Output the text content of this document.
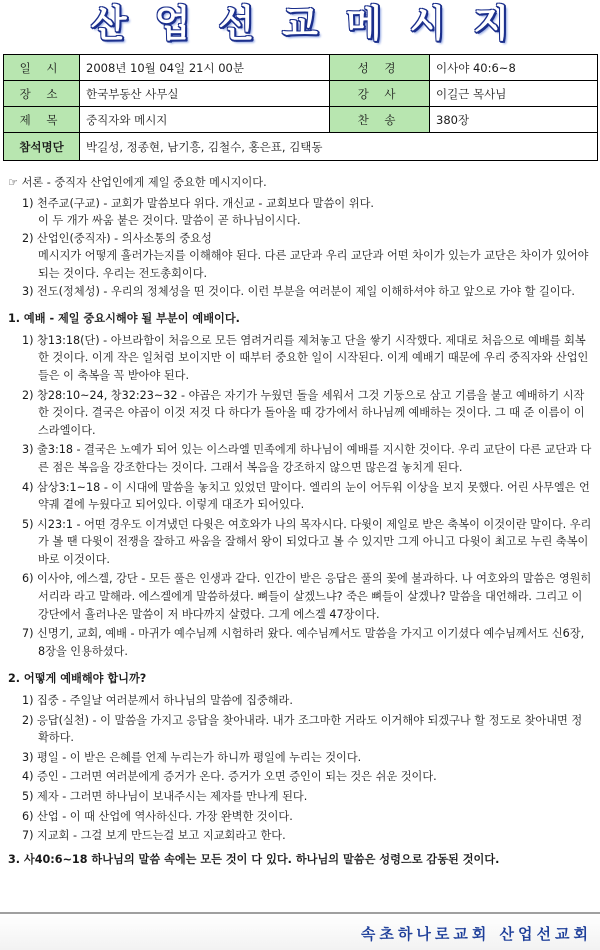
산 업 선 교 메 시 지
일 시	2008년 10월 04일 21시 00분	성 경	이사야 40:6~8
장 소	한국부동산 사무실	강 사	이길근 목사님
제 목	중직자와 메시지	찬 송	380장
참석명단	박길성, 정종현, 남기흥, 김철수, 홍은표, 김택동		

☞ 서론 - 중직자 산업인에게 제일 중요한 메시지이다.

1) 천주교(구교) - 교회가 말씀보다 위다. 개신교 - 교회보다 말씀이 위다.

이 두 개가 싸움 붙은 것이다. 말씀이 곧 하나님이시다.

2) 산업인(중직자) - 의사소통의 중요성

메시지가 어떻게 흘러가는지를 이해해야 된다. 다른 교단과 우리 교단과 어떤 차이가 있는가 교단은 차이가 있어야 되는 것이다. 우리는 전도총회이다.

3) 전도(정체성) - 우리의 정체성을 띤 것이다. 이런 부분을 여러분이 제일 이해하셔야 하고 앞으로 가야 할 길이다.

1. 예배 - 제일 중요시해야 될 부분이 예배이다.

1) 창13:18(단) - 아브라함이 처음으로 모든 염려거리를 제쳐놓고 단을 쌓기 시작했다. 제대로 처음으로 예배를 회복한 것이다. 이게 작은 일처럼 보이지만 이 때부터 중요한 일이 시작된다. 이게 예배기 때문에 우리 중직자와 산업인들은 이 축복을 꼭 받아야 된다.

2) 창28:10~24, 창32:23~32 - 야곱은 자기가 누웠던 돌을 세워서 그것 기둥으로 삼고 기름을 붙고 예배하기 시작한 것이다. 결국은 야곱이 이것 저것 다 하다가 돌아올 때 강가에서 하나님께 예배하는 것이다. 그 때 준 이름이 이스라엘이다.

3) 출3:18 - 결국은 노예가 되어 있는 이스라엘 민족에게 하나님이 예배를 지시한 것이다. 우리 교단이 다른 교단과 다른 점은 복음을 강조한다는 것이다. 그래서 복음을 강조하지 않으면 많은걸 놓치게 된다.

4) 삼상3:1~18 - 이 시대에 말씀을 놓치고 있었던 말이다. 엘리의 눈이 어두워 이상을 보지 못했다. 어린 사무엘은 언약궤 곁에 누웠다고 되어있다. 이렇게 대조가 되어있다.

5) 시23:1 - 어떤 경우도 이겨냈던 다윗은 여호와가 나의 목자시다. 다윗이 제일로 받은 축복이 이것이란 말이다. 우리가 볼 땐 다윗이 전쟁을 잘하고 싸움을 잘해서 왕이 되었다고 볼 수 있지만 그게 아니고 다윗이 최고로 누린 축복이 바로 이것이다.

6) 이사야, 에스겔, 강단 - 모든 풀은 인생과 같다. 인간이 받은 응답은 풀의 꽃에 불과하다. 나 여호와의 말씀은 영원히 서리라 라고 말해라. 에스겔에게 말씀하셨다. 뼈들이 살겠느냐? 죽은 뼈들이 살겠나? 말씀을 대언해라. 그리고 이 강단에서 흘러나온 말씀이 저 바다까지 살렸다. 그게 에스겔 47장이다.

7) 신명기, 교회, 예배 - 마귀가 예수님께 시험하러 왔다. 예수님께서도 말씀을 가지고 이기셨다 예수님께서도 신6장, 8장을 인용하셨다.

2. 어떻게 예배해야 합니까?

1) 집중 - 주일날 여러분께서 하나님의 말씀에 집중해라.

2) 응답(실천) - 이 말씀을 가지고 응답을 찾아내라. 내가 조그마한 거라도 이거해야 되겠구나 할 정도로 찾아내면 정확하다.

3) 평일 - 이 받은 은혜를 언제 누리는가 하니까 평일에 누리는 것이다.

4) 증인 - 그러면 여러분에게 증거가 온다. 증거가 오면 증인이 되는 것은 쉬운 것이다.

5) 제자 - 그러면 하나님이 보내주시는 제자를 만나게 된다.

6) 산업 - 이 때 산업에 역사하신다. 가장 완벽한 것이다.

7) 지교회 - 그걸 보게 만드는걸 보고 지교회라고 한다.

3. 사40:6~18 하나님의 말씀 속에는 모든 것이 다 있다. 하나님의 말씀은 성령으로 감동된 것이다.

속초하나로교회 산업선교회
